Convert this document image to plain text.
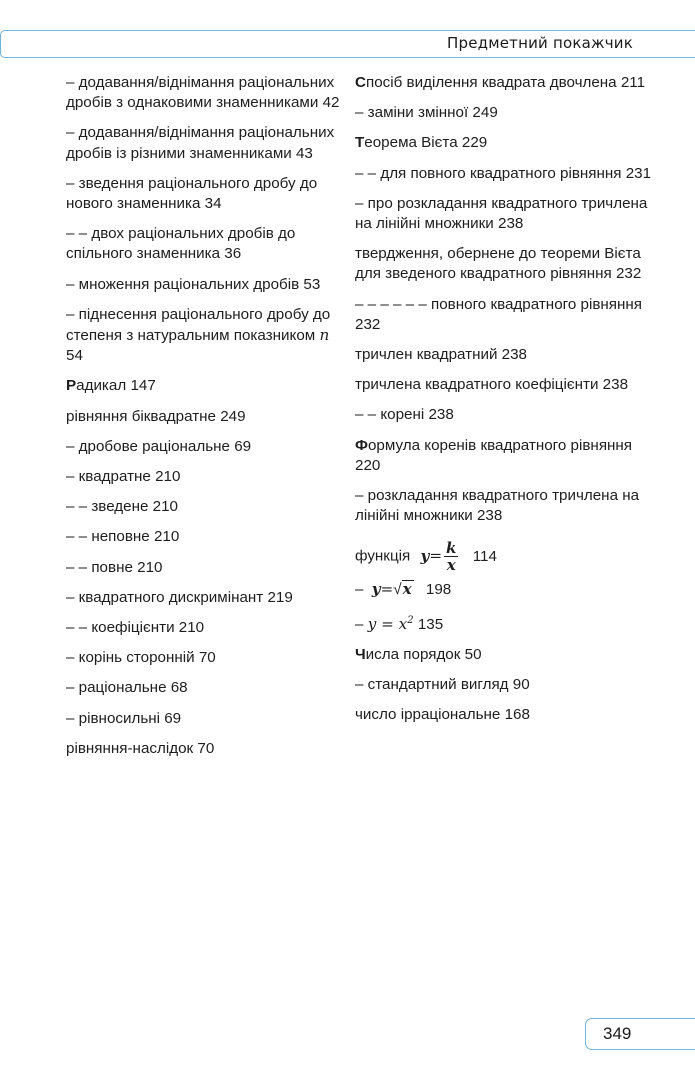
Предметний покажчик
– додавання/віднімання раціональних дробів з однаковими знаменниками 42
– додавання/віднімання раціональних дробів із різними знаменниками 43
– зведення раціонального дробу до нового знаменника 34
– – двох раціональних дробів до спільного знаменника 36
– множення раціональних дробів 53
– піднесення раціонального дробу до степеня з натуральним показником n 54
Радикал 147
рівняння біквадратне 249
– дробове раціональне 69
– квадратне 210
– – зведене 210
– – неповне 210
– – повне 210
– квадратного дискримінант 219
– – коефіцієнти 210
– корінь сторонній 70
– раціональне 68
– рівносильні 69
рівняння-наслідок 70
Спосіб виділення квадрата двочлена 211
– заміни змінної 249
Теорема Вієта 229
– – для повного квадратного рівняння 231
– про розкладання квадратного тричлена на лінійні множники 238
твердження, обернене до теореми Вієта для зведеного квадратного рівняння 232
– – – – – – повного квадратного рівняння 232
тричлен квадратний 238
тричлена квадратного коефіцієнти 238
– – корені 238
Формула коренів квадратного рівняння 220
– розкладання квадратного тричлена на лінійні множники 238
функція $y= \frac{k}{x} 114$
– y=√x 198
– $y = x^2$ 135
Числа порядок 50
– стандартний вигляд 90
число ірраціональне 168
349
